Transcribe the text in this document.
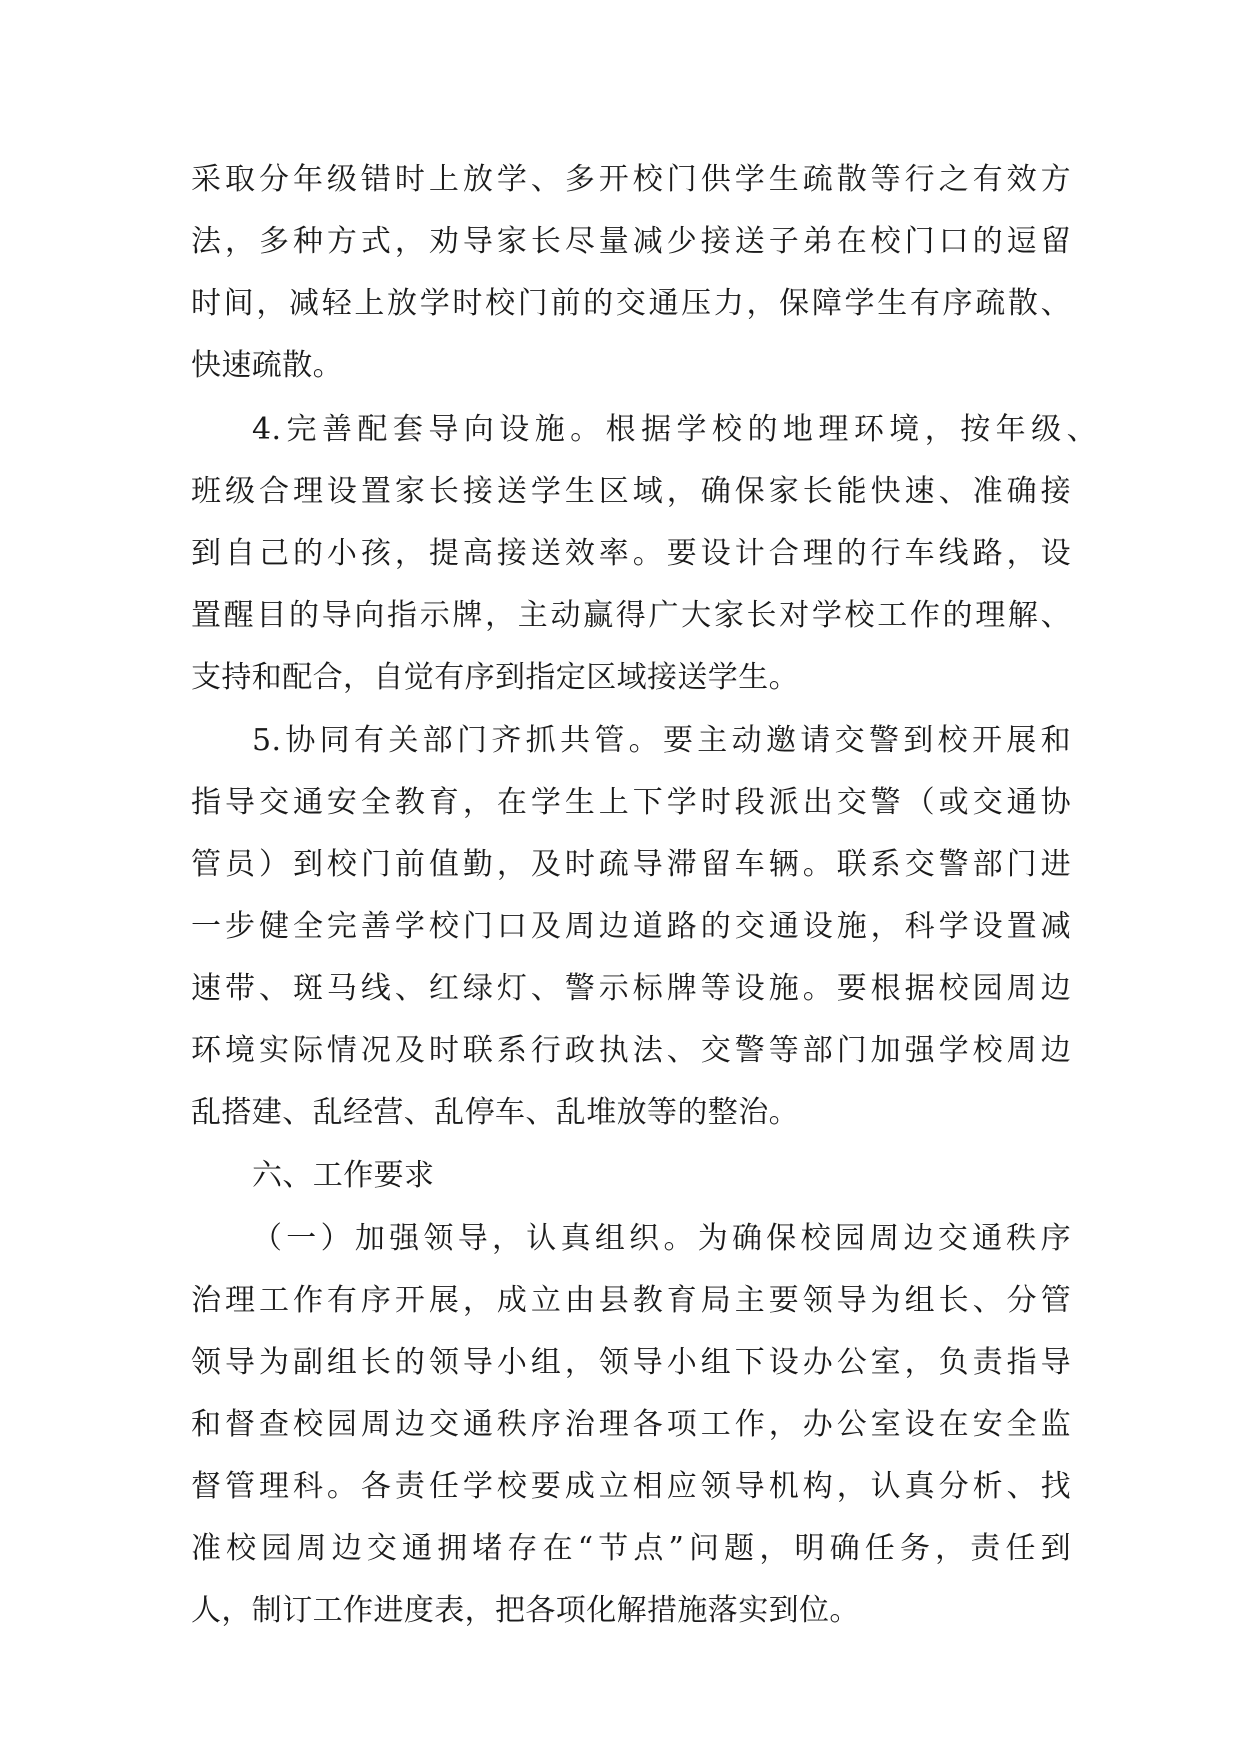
采取分年级错时上放学、多开校门供学生疏散等行之有效方
法，多种方式，劝导家长尽量减少接送子弟在校门口的逗留
时间，减轻上放学时校门前的交通压力，保障学生有序疏散、
快速疏散。
4.完善配套导向设施。根据学校的地理环境，按年级、
班级合理设置家长接送学生区域，确保家长能快速、准确接
到自己的小孩，提高接送效率。要设计合理的行车线路，设
置醒目的导向指示牌，主动赢得广大家长对学校工作的理解、
支持和配合，自觉有序到指定区域接送学生。
5.协同有关部门齐抓共管。要主动邀请交警到校开展和
指导交通安全教育，在学生上下学时段派出交警（或交通协
管员）到校门前值勤，及时疏导滞留车辆。联系交警部门进
一步健全完善学校门口及周边道路的交通设施，科学设置减
速带、斑马线、红绿灯、警示标牌等设施。要根据校园周边
环境实际情况及时联系行政执法、交警等部门加强学校周边
乱搭建、乱经营、乱停车、乱堆放等的整治。
六、工作要求
（一）加强领导，认真组织。为确保校园周边交通秩序
治理工作有序开展，成立由县教育局主要领导为组长、分管
领导为副组长的领导小组，领导小组下设办公室，负责指导
和督查校园周边交通秩序治理各项工作，办公室设在安全监
督管理科。各责任学校要成立相应领导机构，认真分析、找
准校园周边交通拥堵存在“节点”问题，明确任务，责任到
人，制订工作进度表，把各项化解措施落实到位。
